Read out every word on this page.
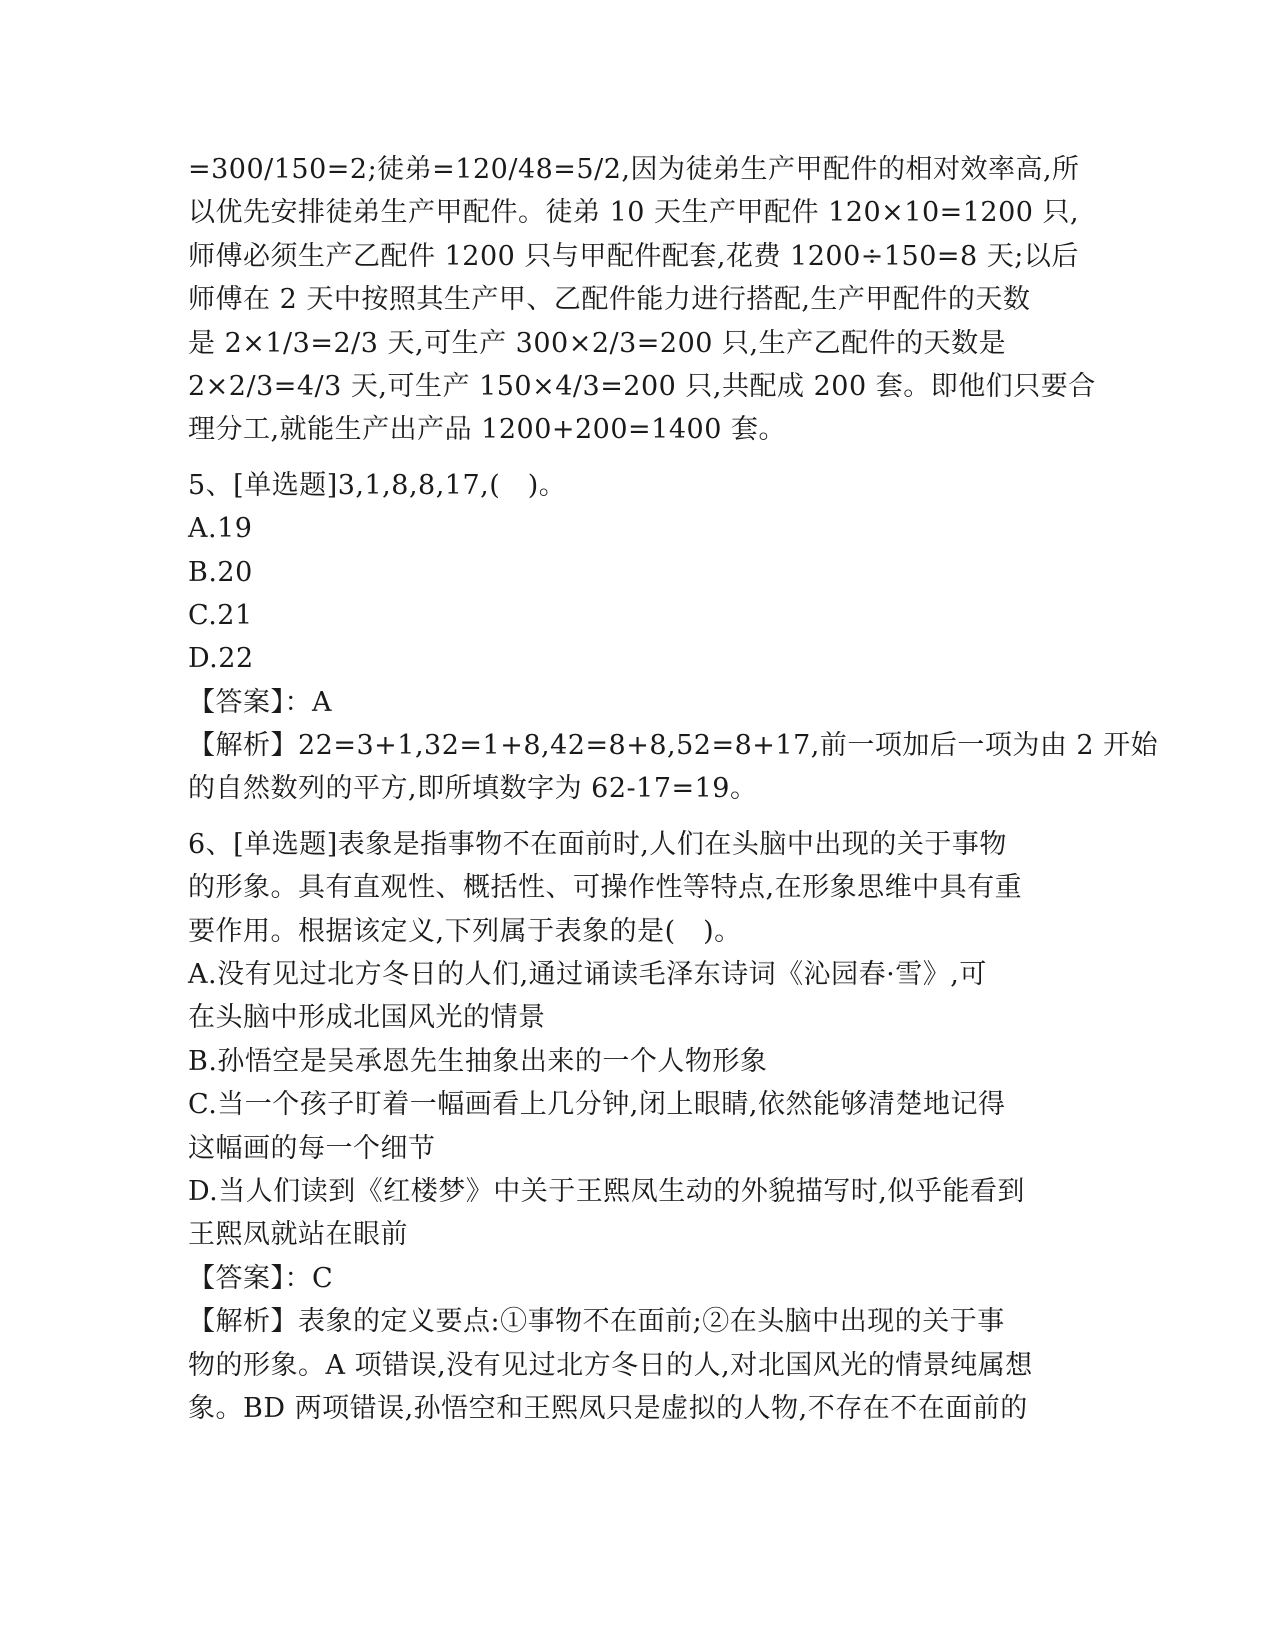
=300/150=2;徒弟=120/48=5/2,因为徒弟生产甲配件的相对效率高,所
以优先安排徒弟生产甲配件。徒弟 10 天生产甲配件 120×10=1200 只,
师傅必须生产乙配件 1200 只与甲配件配套,花费 1200÷150=8 天;以后
师傅在 2 天中按照其生产甲、乙配件能力进行搭配,生产甲配件的天数
是 2×1/3=2/3 天,可生产 300×2/3=200 只,生产乙配件的天数是
2×2/3=4/3 天,可生产 150×4/3=200 只,共配成 200 套。即他们只要合
理分工,就能生产出产品 1200+200=1400 套。
5、[单选题]3,1,8,8,17,(　)。
A.19
B.20
C.21
D.22
【答案】：A
【解析】22=3+1,32=1+8,42=8+8,52=8+17,前一项加后一项为由 2 开始
的自然数列的平方,即所填数字为 62-17=19。
6、[单选题]表象是指事物不在面前时,人们在头脑中出现的关于事物
的形象。具有直观性、概括性、可操作性等特点,在形象思维中具有重
要作用。根据该定义,下列属于表象的是(　)。
A.没有见过北方冬日的人们,通过诵读毛泽东诗词《沁园春·雪》,可
在头脑中形成北国风光的情景
B.孙悟空是吴承恩先生抽象出来的一个人物形象
C.当一个孩子盯着一幅画看上几分钟,闭上眼睛,依然能够清楚地记得
这幅画的每一个细节
D.当人们读到《红楼梦》中关于王熙凤生动的外貌描写时,似乎能看到
王熙凤就站在眼前
【答案】：C
【解析】表象的定义要点:①事物不在面前;②在头脑中出现的关于事
物的形象。A 项错误,没有见过北方冬日的人,对北国风光的情景纯属想
象。BD 两项错误,孙悟空和王熙凤只是虚拟的人物,不存在不在面前的
